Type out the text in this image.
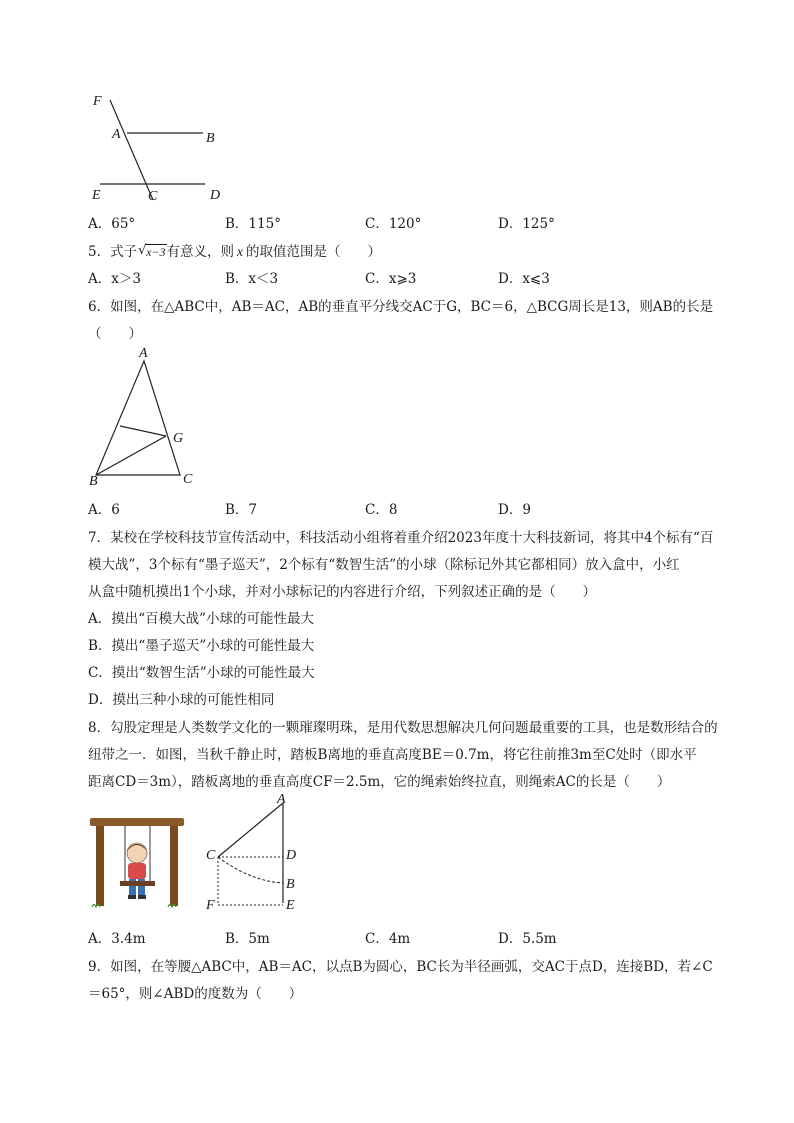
F
A	B
E	C	D
A．65°	B．115°	C．120°	D．125°
5．式子 √ x−3有意义，则 x 的取值范围是（　　）
A．x＞3	B．x＜3	C．x⩾3	D．x⩽3
6．如图，在△ABC中，AB＝AC，AB的垂直平分线交AC于G，BC＝6，△BCG周长是13，则AB的长是
（　　）
A
B	C
G
A．6	B．7	C．8	D．9
7．某校在学校科技节宣传活动中，科技活动小组将着重介绍2023年度十大科技新词，将其中4个标有“百
模大战”，3个标有“墨子巡天”，2个标有“数智生活”的小球（除标记外其它都相同）放入盒中，小红
从盒中随机摸出1个小球，并对小球标记的内容进行介绍，下列叙述正确的是（　　）
A．摸出“百模大战”小球的可能性最大
B．摸出“墨子巡天”小球的可能性最大
C．摸出“数智生活”小球的可能性最大
D．摸出三种小球的可能性相同
8．勾股定理是人类数学文化的一颗璀璨明珠，是用代数思想解决几何问题最重要的工具，也是数形结合的
纽带之一．如图，当秋千静止时，踏板B离地的垂直高度BE＝0.7m，将它往前推3m至C处时（即水平
距离CD＝3m），踏板离地的垂直高度CF＝2.5m，它的绳索始终拉直，则绳索AC的长是（　　）
A
C	D
B
F	E
A．3.4m	B．5m	C．4m	D．5.5m
9．如图，在等腰△ABC中，AB＝AC，以点B为圆心，BC长为半径画弧，交AC于点D，连接BD，若∠C
＝65°，则∠ABD的度数为（　　）
